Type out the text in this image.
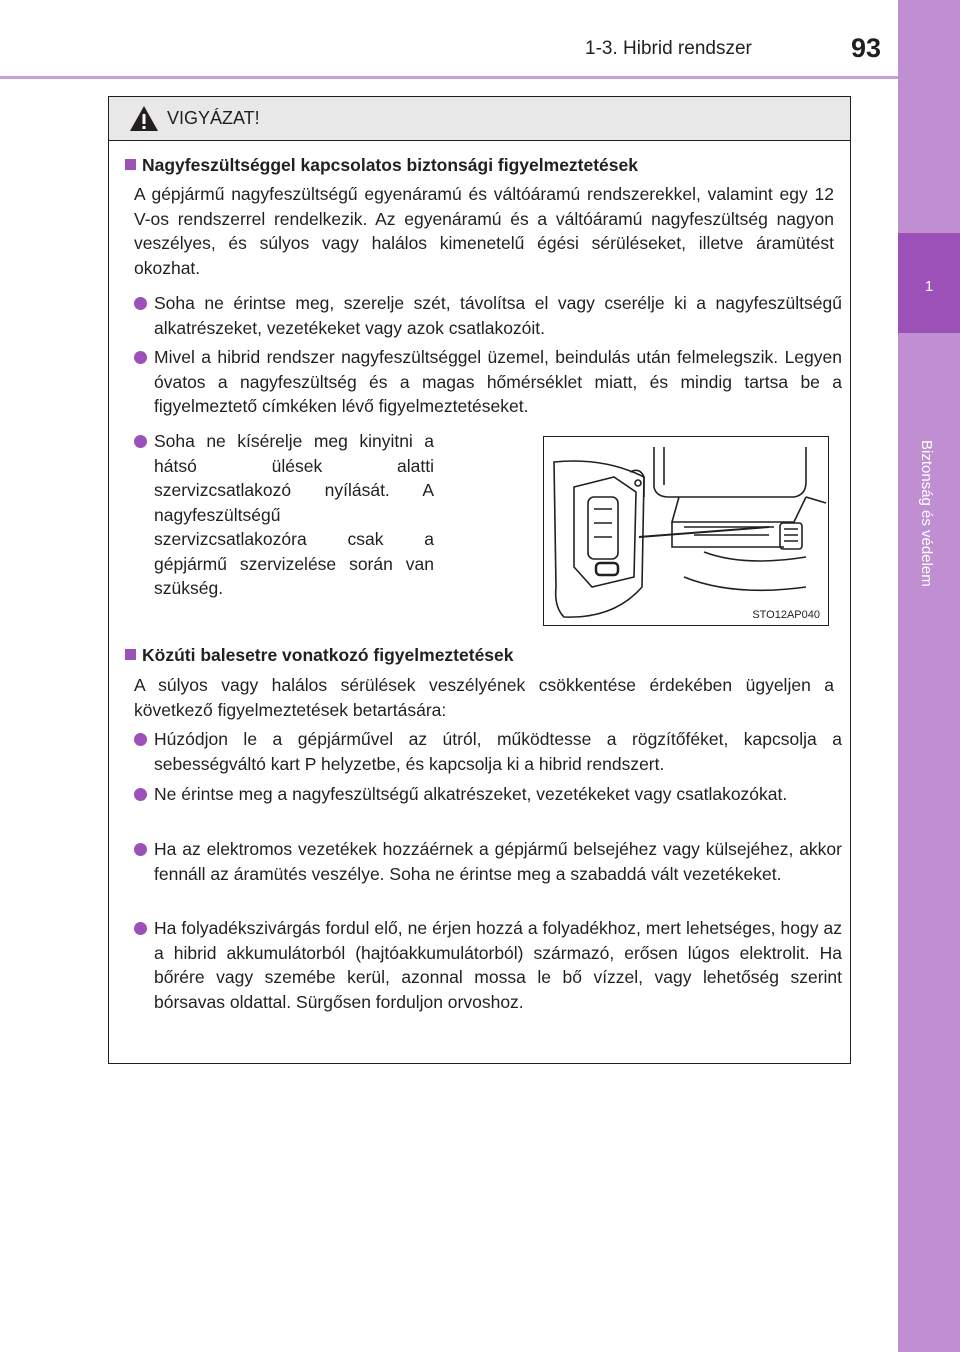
1-3. Hibrid rendszer	93
1
Biztonság és védelem
VIGYÁZAT!
Nagyfeszültséggel kapcsolatos biztonsági figyelmeztetések
A gépjármű nagyfeszültségű egyenáramú és váltóáramú rendszerekkel, valamint egy 12 V-os rendszerrel rendelkezik. Az egyenáramú és a váltóáramú nagyfeszültség nagyon veszélyes, és súlyos vagy halálos kimenetelű égési sérüléseket, illetve áramütést okozhat.
Soha ne érintse meg, szerelje szét, távolítsa el vagy cserélje ki a nagyfeszültségű alkatrészeket, vezetékeket vagy azok csatlakozóit.
Mivel a hibrid rendszer nagyfeszültséggel üzemel, beindulás után felmelegszik. Legyen óvatos a nagyfeszültség és a magas hőmérséklet miatt, és mindig tartsa be a figyelmeztető címkéken lévő figyelmeztetéseket.
Soha ne kísérelje meg kinyitni a hátsó ülések alatti szervizcsatlakozó nyílását. A nagyfeszültségű szervizcsatlakozóra csak a gépjármű szervizelése során van szükség.
STO12AP040
Közúti balesetre vonatkozó figyelmeztetések
A súlyos vagy halálos sérülések veszélyének csökkentése érdekében ügyeljen a következő figyelmeztetések betartására:
Húzódjon le a gépjárművel az útról, működtesse a rögzítőféket, kapcsolja a sebességváltó kart P helyzetbe, és kapcsolja ki a hibrid rendszert.
Ne érintse meg a nagyfeszültségű alkatrészeket, vezetékeket vagy csatlakozókat.
Ha az elektromos vezetékek hozzáérnek a gépjármű belsejéhez vagy külsejéhez, akkor fennáll az áramütés veszélye. Soha ne érintse meg a szabaddá vált vezetékeket.
Ha folyadékszivárgás fordul elő, ne érjen hozzá a folyadékhoz, mert lehetséges, hogy az a hibrid akkumulátorból (hajtóakkumulátorból) származó, erősen lúgos elektrolit. Ha bőrére vagy szemébe kerül, azonnal mossa le bő vízzel, vagy lehetőség szerint bórsavas oldattal. Sürgősen forduljon orvoshoz.
